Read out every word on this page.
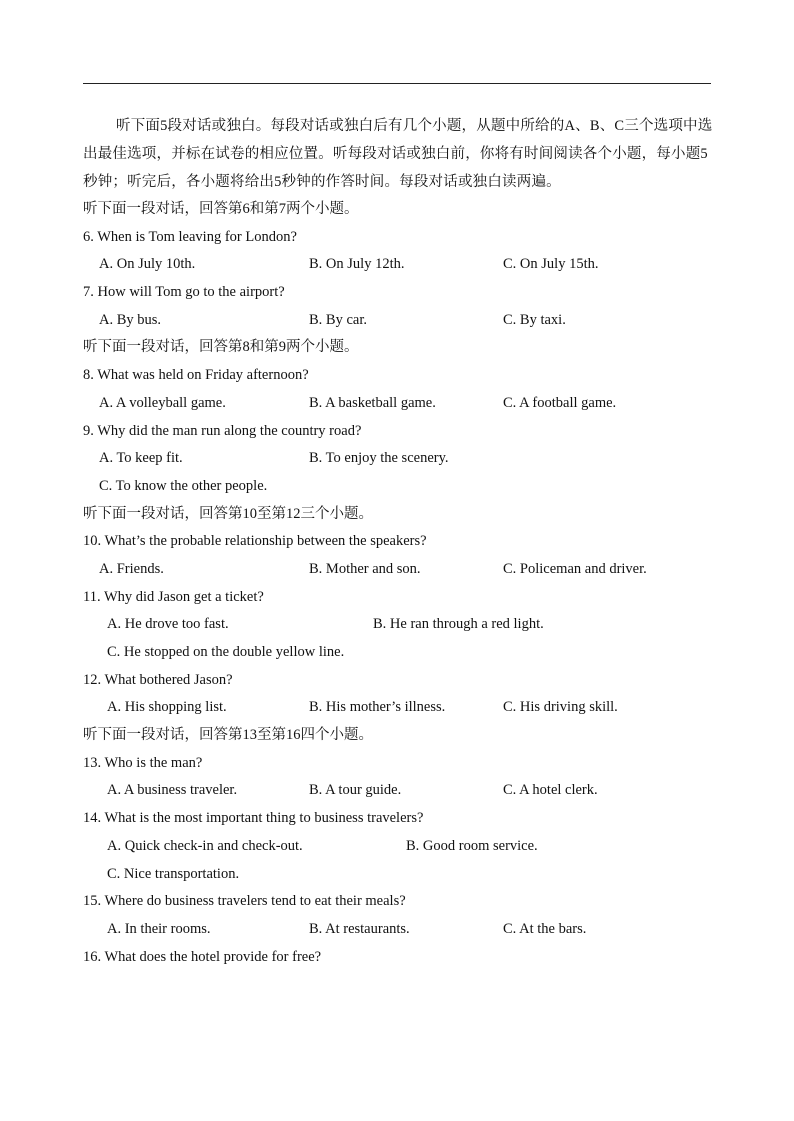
听下面5段对话或独白。每段对话或独白后有几个小题，从题中所给的A、B、C三个选项中选出最佳选项，并标在试卷的相应位置。听每段对话或独白前，你将有时间阅读各个小题，每小题5秒钟；听完后，各小题将给出5秒钟的作答时间。每段对话或独白读两遍。

听下面一段对话，回答第6和第7两个小题。
6. When is Tom leaving for London?
A. On July 10th.	B. On July 12th.	C. On July 15th.
7. How will Tom go to the airport?
A. By bus.	B. By car.	C. By taxi.
听下面一段对话，回答第8和第9两个小题。
8. What was held on Friday afternoon?
A. A volleyball game.	B. A basketball game.	C. A football game.
9. Why did the man run along the country road?
A. To keep fit.	B. To enjoy the scenery.
C. To know the other people.
听下面一段对话，回答第10至第12三个小题。
10. What’s the probable relationship between the speakers?
A. Friends.	B. Mother and son.	C. Policeman and driver.
11. Why did Jason get a ticket?
A. He drove too fast.	B. He ran through a red light.
C. He stopped on the double yellow line.
12. What bothered Jason?
A. His shopping list.	B. His mother’s illness.	C. His driving skill.
听下面一段对话，回答第13至第16四个小题。
13. Who is the man?
A. A business traveler.	B. A tour guide.	C. A hotel clerk.
14. What is the most important thing to business travelers?
A. Quick check-in and check-out.	B. Good room service.
C. Nice transportation.
15. Where do business travelers tend to eat their meals?
A. In their rooms.	B. At restaurants.	C. At the bars.
16. What does the hotel provide for free?
